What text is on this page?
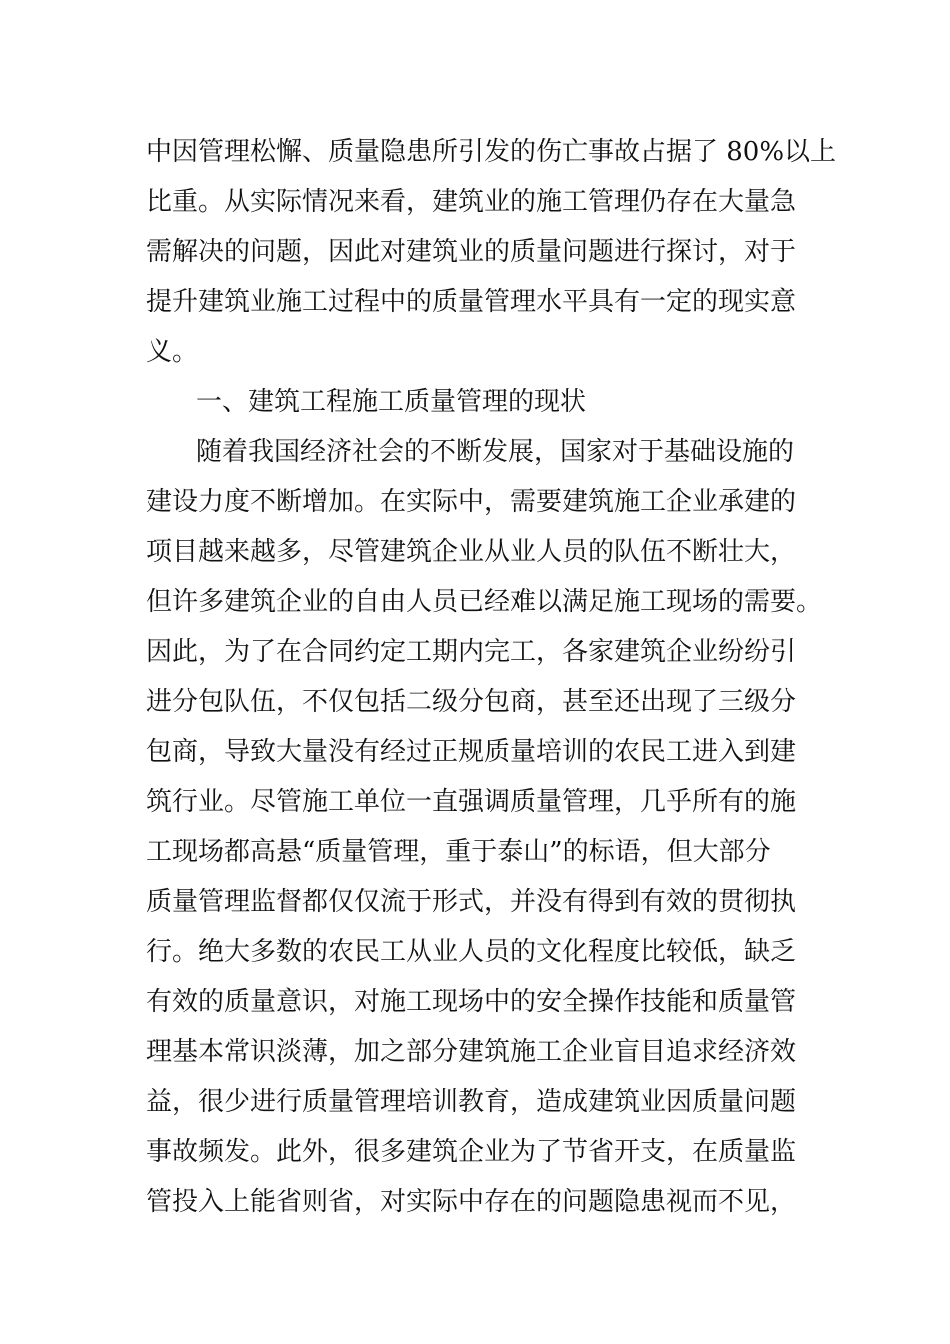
中因管理松懈、质量隐患所引发的伤亡事故占据了 80%以上
比重。从实际情况来看，建筑业的施工管理仍存在大量急
需解决的问题，因此对建筑业的质量问题进行探讨，对于
提升建筑业施工过程中的质量管理水平具有一定的现实意
义。
一、建筑工程施工质量管理的现状
随着我国经济社会的不断发展，国家对于基础设施的
建设力度不断增加。在实际中，需要建筑施工企业承建的
项目越来越多，尽管建筑企业从业人员的队伍不断壮大，
但许多建筑企业的自由人员已经难以满足施工现场的需要。
因此，为了在合同约定工期内完工，各家建筑企业纷纷引
进分包队伍，不仅包括二级分包商，甚至还出现了三级分
包商，导致大量没有经过正规质量培训的农民工进入到建
筑行业。尽管施工单位一直强调质量管理，几乎所有的施
工现场都高悬“质量管理，重于泰山”的标语，但大部分
质量管理监督都仅仅流于形式，并没有得到有效的贯彻执
行。绝大多数的农民工从业人员的文化程度比较低，缺乏
有效的质量意识，对施工现场中的安全操作技能和质量管
理基本常识淡薄，加之部分建筑施工企业盲目追求经济效
益，很少进行质量管理培训教育，造成建筑业因质量问题
事故频发。此外，很多建筑企业为了节省开支，在质量监
管投入上能省则省，对实际中存在的问题隐患视而不见，
